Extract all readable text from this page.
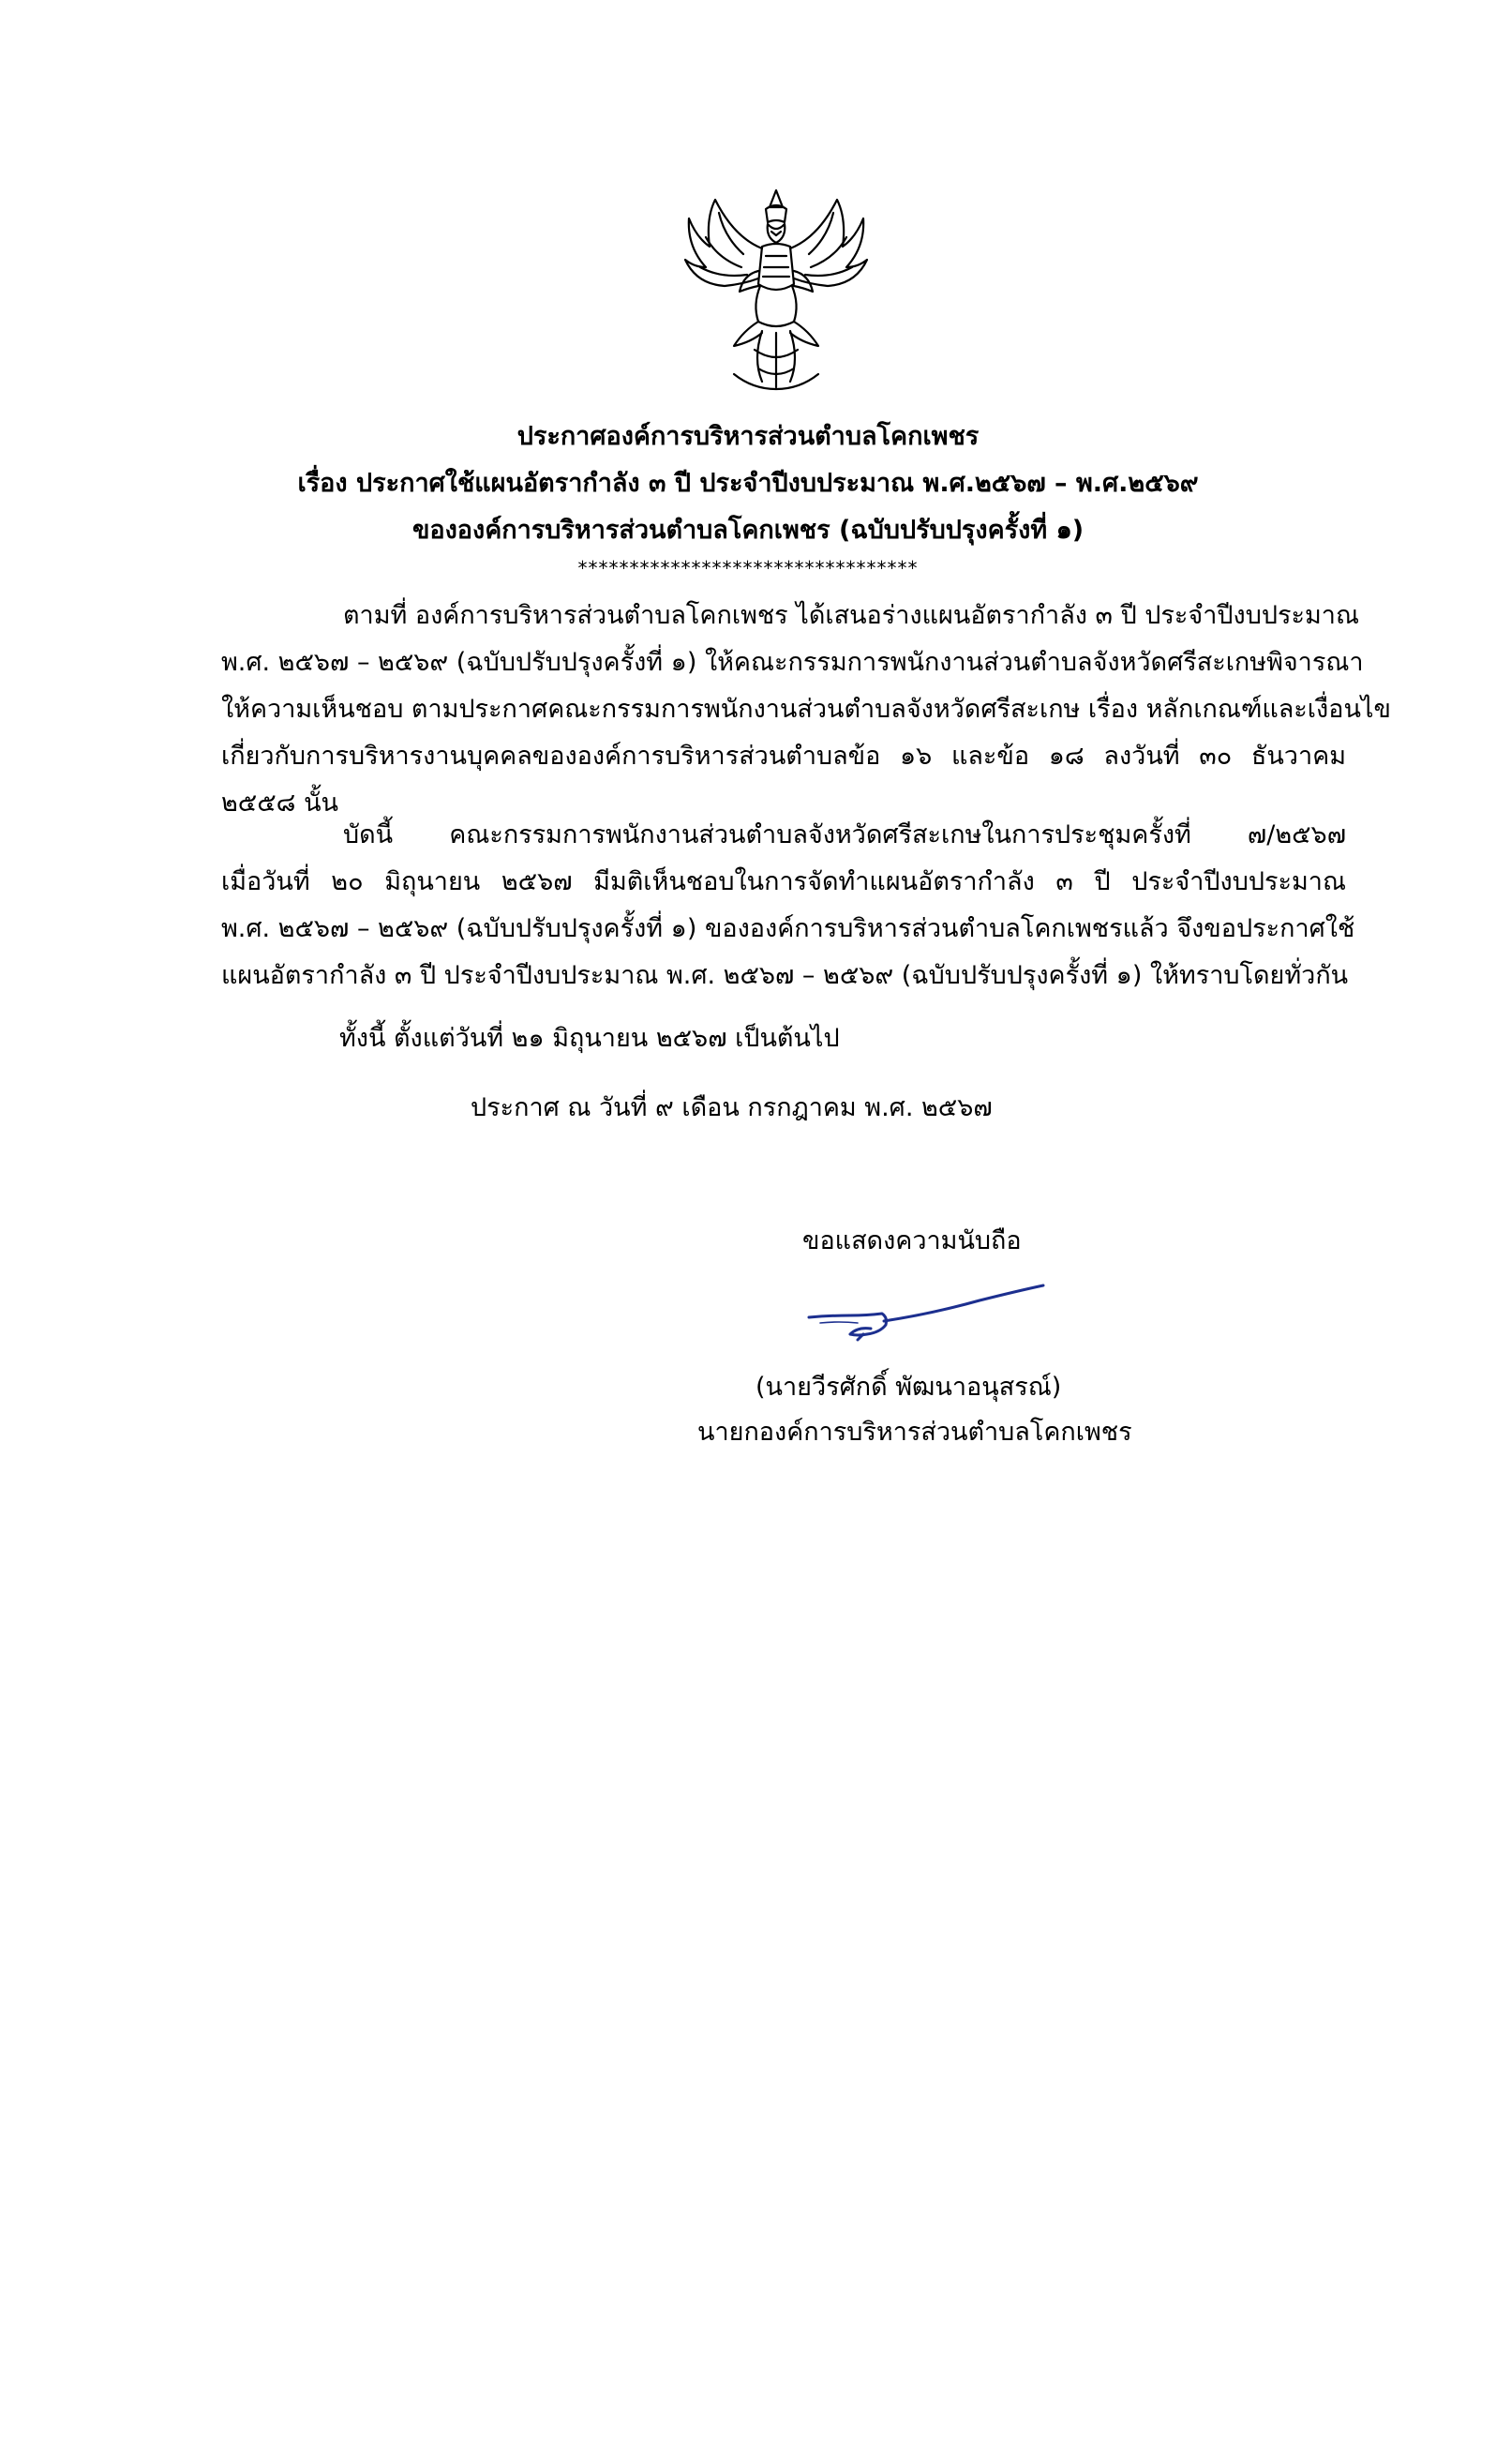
ประกาศองค์การบริหารส่วนตำบลโคกเพชร
เรื่อง ประกาศใช้แผนอัตรากำลัง ๓ ปี ประจำปีงบประมาณ พ.ศ.๒๕๖๗ – พ.ศ.๒๕๖๙
ขององค์การบริหารส่วนตำบลโคกเพชร (ฉบับปรับปรุงครั้งที่ ๑)
*********************************
ตามที่ องค์การบริหารส่วนตำบลโคกเพชร ได้เสนอร่างแผนอัตรากำลัง ๓ ปี ประจำปีงบประมาณ
พ.ศ. ๒๕๖๗ – ๒๕๖๙ (ฉบับปรับปรุงครั้งที่ ๑) ให้คณะกรรมการพนักงานส่วนตำบลจังหวัดศรีสะเกษพิจารณา
ให้ความเห็นชอบ ตามประกาศคณะกรรมการพนักงานส่วนตำบลจังหวัดศรีสะเกษ เรื่อง หลักเกณฑ์และเงื่อนไข
เกี่ยวกับการบริหารงานบุคคลขององค์การบริหารส่วนตำบลข้อ ๑๖ และข้อ ๑๘ ลงวันที่ ๓๐ ธันวาคม
๒๕๕๘ นั้น
บัดนี้ คณะกรรมการพนักงานส่วนตำบลจังหวัดศรีสะเกษในการประชุมครั้งที่ ๗/๒๕๖๗
เมื่อวันที่ ๒๐ มิถุนายน ๒๕๖๗ มีมติเห็นชอบในการจัดทำแผนอัตรากำลัง ๓ ปี ประจำปีงบประมาณ
พ.ศ. ๒๕๖๗ – ๒๕๖๙ (ฉบับปรับปรุงครั้งที่ ๑) ขององค์การบริหารส่วนตำบลโคกเพชรแล้ว จึงขอประกาศใช้
แผนอัตรากำลัง ๓ ปี ประจำปีงบประมาณ พ.ศ. ๒๕๖๗ – ๒๕๖๙ (ฉบับปรับปรุงครั้งที่ ๑) ให้ทราบโดยทั่วกัน
ทั้งนี้ ตั้งแต่วันที่ ๒๑ มิถุนายน ๒๕๖๗ เป็นต้นไป
ประกาศ ณ วันที่ ๙ เดือน กรกฎาคม พ.ศ. ๒๕๖๗
ขอแสดงความนับถือ
(นายวีรศักดิ์ พัฒนาอนุสรณ์)
นายกองค์การบริหารส่วนตำบลโคกเพชร
